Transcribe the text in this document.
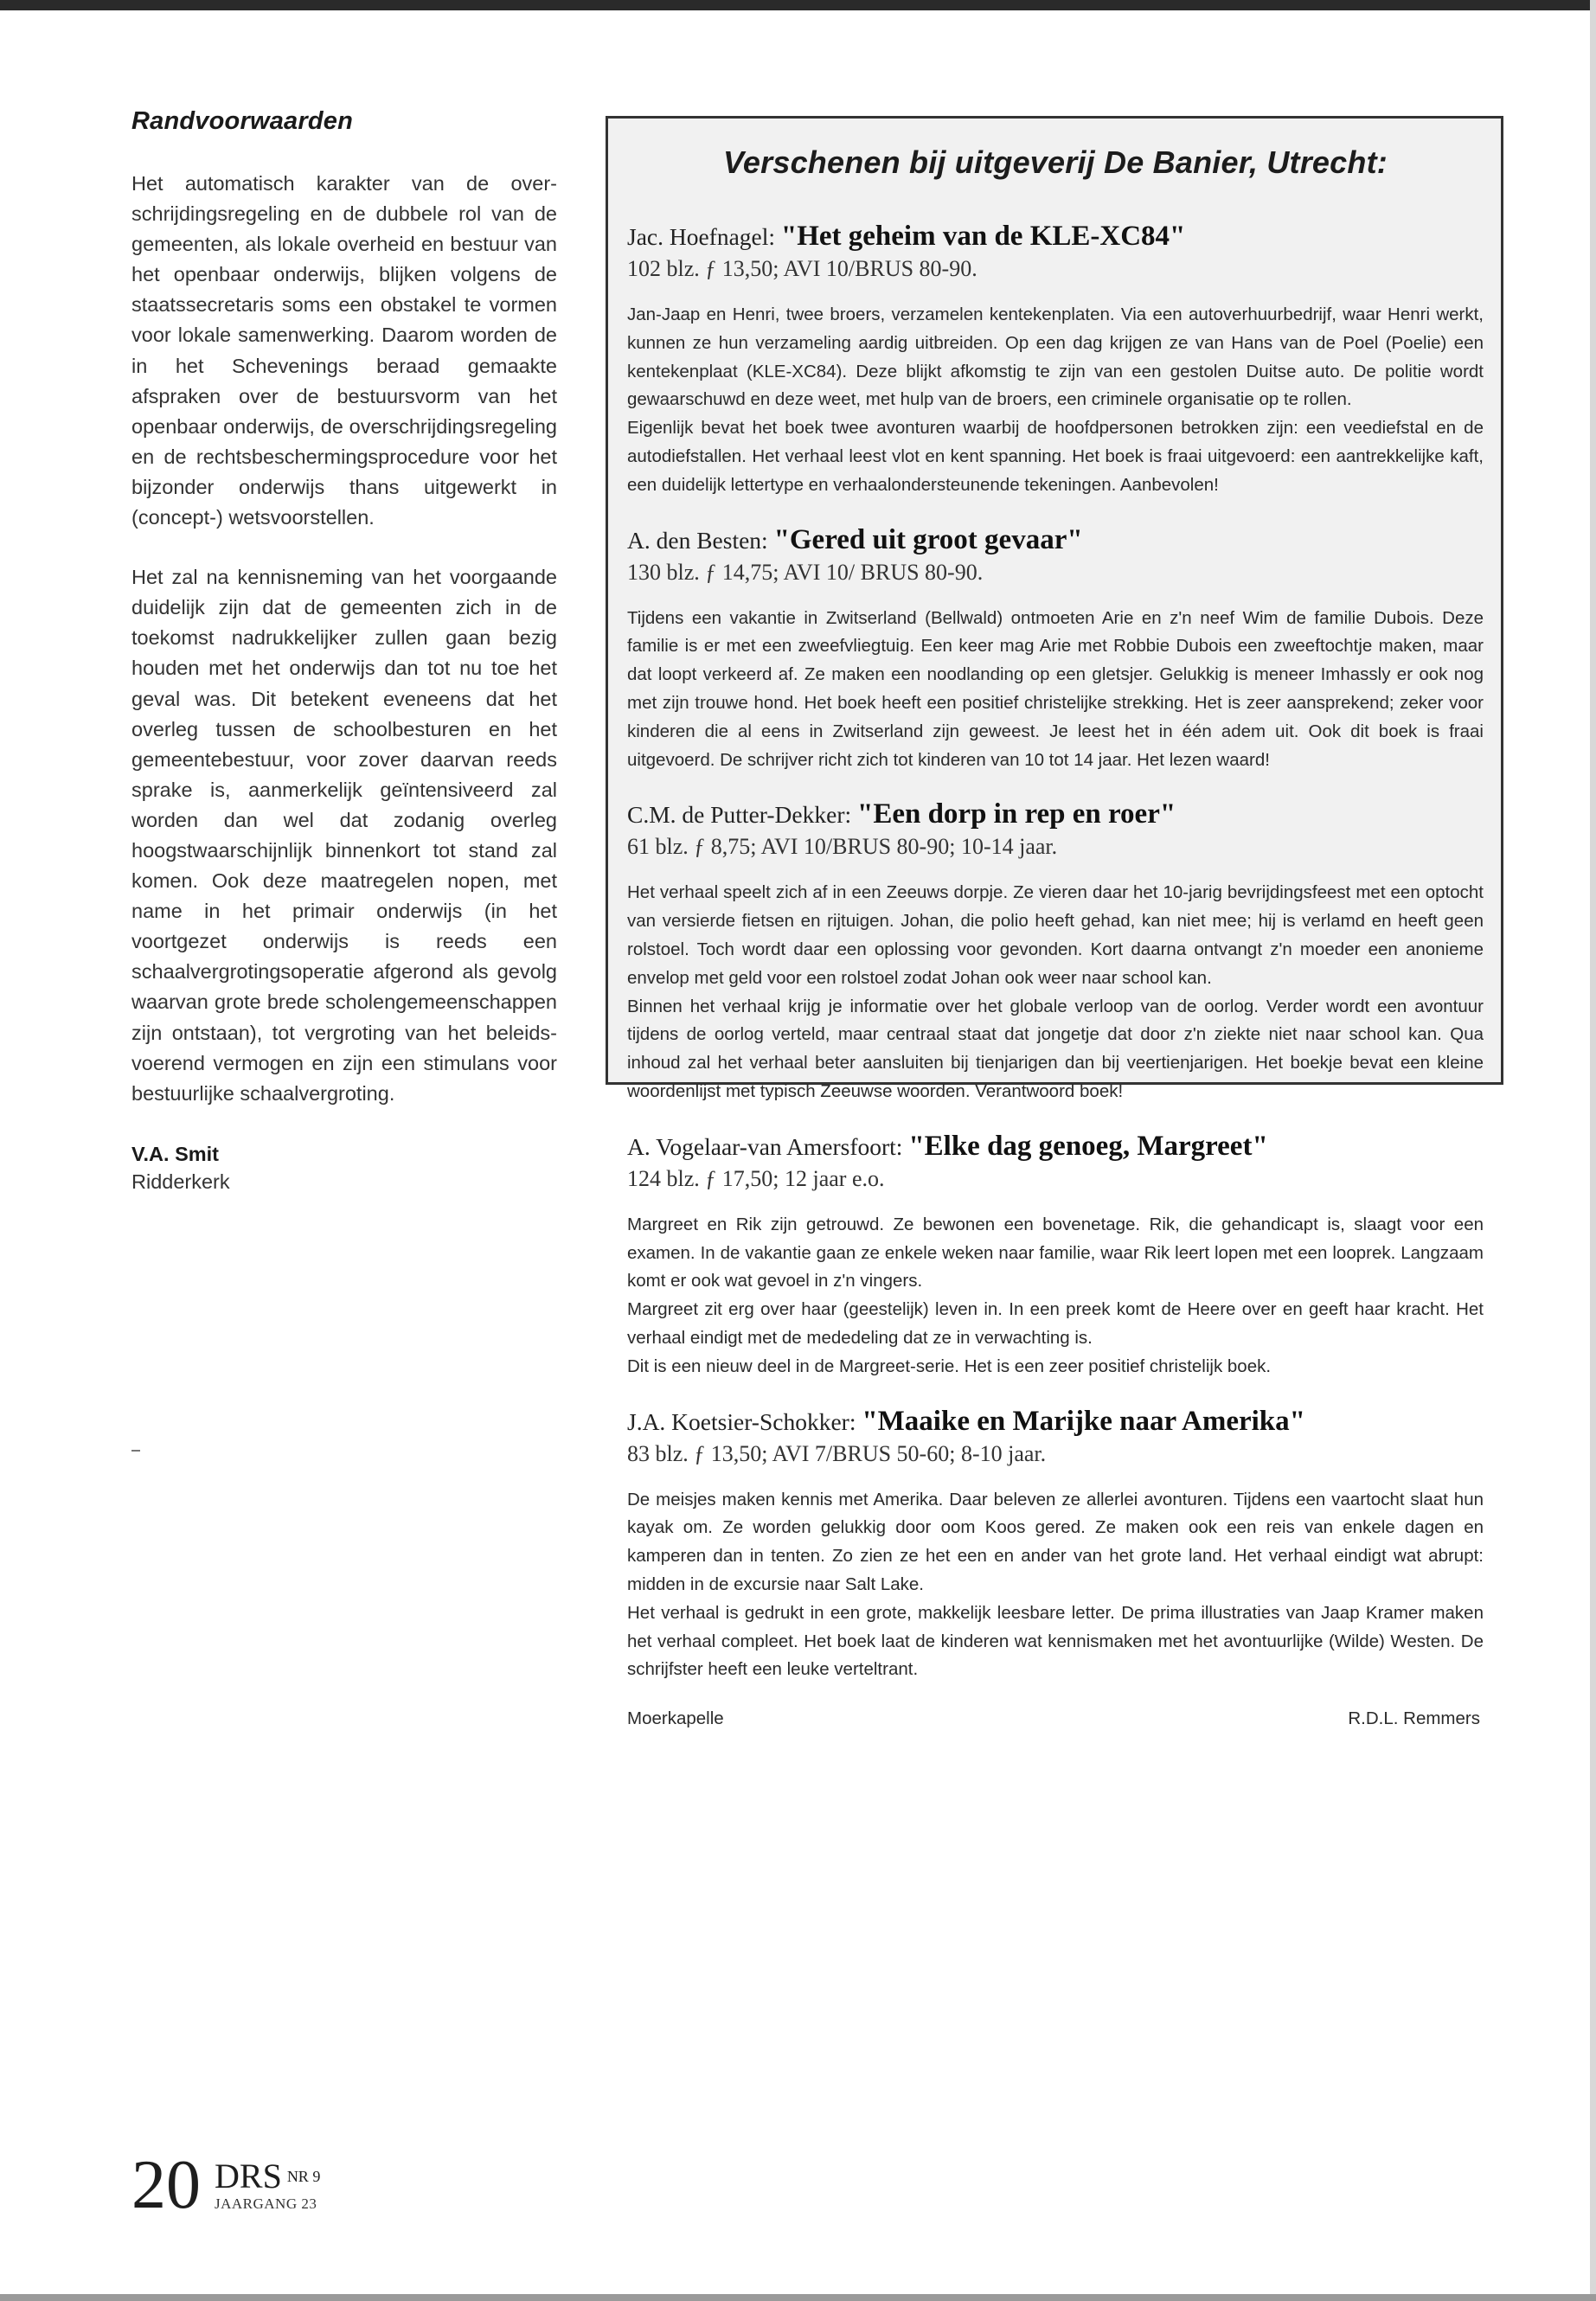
Randvoorwaarden

Het automatisch karakter van de overschrijdingsregeling en de dubbele rol van de gemeenten, als lokale overheid en bestuur van het openbaar onderwijs, blijken volgens de staatssecretaris soms een obstakel te vormen voor lokale samenwerking. Daarom worden de in het Schevenings beraad gemaakte afspraken over de bestuursvorm van het openbaar onderwijs, de overschrijdingsregeling en de rechtsbeschermingsprocedure voor het bijzonder onderwijs thans uitgewerkt in (concept-) wetsvoorstellen.

Het zal na kennisneming van het voorgaande duidelijk zijn dat de gemeenten zich in de toekomst nadrukkelijker zullen gaan bezig houden met het onderwijs dan tot nu toe het geval was. Dit betekent eveneens dat het overleg tussen de schoolbesturen en het gemeentebestuur, voor zover daarvan reeds sprake is, aanmerkelijk geïntensiveerd zal worden dan wel dat zodanig overleg hoogstwaarschijnlijk binnenkort tot stand zal komen. Ook deze maatregelen nopen, met name in het primair onderwijs (in het voortgezet onderwijs is reeds een schaalvergrotingsoperatie afgerond als gevolg waarvan grote brede scholengemeenschappen zijn ontstaan), tot vergroting van het beleidsvoerend vermogen en zijn een stimulans voor bestuurlijke schaalvergroting.

V.A. Smit
Ridderkerk
Verschenen bij uitgeverij De Banier, Utrecht:
Jac. Hoefnagel: "Het geheim van de KLE-XC84"
102 blz. ƒ 13,50; AVI 10/BRUS 80-90.

Jan-Jaap en Henri, twee broers, verzamelen kentekenplaten. Via een autoverhuurbedrijf, waar Henri werkt, kunnen ze hun verzameling aardig uitbreiden. Op een dag krijgen ze van Hans van de Poel (Poelie) een kentekenplaat (KLE-XC84). Deze blijkt afkomstig te zijn van een gestolen Duitse auto. De politie wordt gewaarschuwd en deze weet, met hulp van de broers, een criminele organisatie op te rollen.

Eigenlijk bevat het boek twee avonturen waarbij de hoofdpersonen betrokken zijn: een veediefstal en de autodiefstallen. Het verhaal leest vlot en kent spanning. Het boek is fraai uitgevoerd: een aantrekkelijke kaft, een duidelijk lettertype en verhaalondersteunende tekeningen. Aanbevolen!

A. den Besten: "Gered uit groot gevaar"
130 blz. ƒ 14,75; AVI 10/ BRUS 80-90.

Tijdens een vakantie in Zwitserland (Bellwald) ontmoeten Arie en z'n neef Wim de familie Dubois. Deze familie is er met een zweefvliegtuig. Een keer mag Arie met Robbie Dubois een zweeftochtje maken, maar dat loopt verkeerd af. Ze maken een noodlanding op een gletsjer. Gelukkig is meneer Imhassly er ook nog met zijn trouwe hond. Het boek heeft een positief christelijke strekking. Het is zeer aansprekend; zeker voor kinderen die al eens in Zwitserland zijn geweest. Je leest het in één adem uit. Ook dit boek is fraai uitgevoerd. De schrijver richt zich tot kinderen van 10 tot 14 jaar. Het lezen waard!

C.M. de Putter-Dekker: "Een dorp in rep en roer"
61 blz. ƒ 8,75; AVI 10/BRUS 80-90; 10-14 jaar.

Het verhaal speelt zich af in een Zeeuws dorpje. Ze vieren daar het 10-jarig bevrijdingsfeest met een optocht van versierde fietsen en rijtuigen. Johan, die polio heeft gehad, kan niet mee; hij is verlamd en heeft geen rolstoel. Toch wordt daar een oplossing voor gevonden. Kort daarna ontvangt z'n moeder een anonieme envelop met geld voor een rolstoel zodat Johan ook weer naar school kan.

Binnen het verhaal krijg je informatie over het globale verloop van de oorlog. Verder wordt een avontuur tijdens de oorlog verteld, maar centraal staat dat jongetje dat door z'n ziekte niet naar school kan. Qua inhoud zal het verhaal beter aansluiten bij tienjarigen dan bij veertienjarigen. Het boekje bevat een kleine woordenlijst met typisch Zeeuwse woorden. Verantwoord boek!

A. Vogelaar-van Amersfoort: "Elke dag genoeg, Margreet"
124 blz. ƒ 17,50; 12 jaar e.o.

Margreet en Rik zijn getrouwd. Ze bewonen een bovenetage. Rik, die gehandicapt is, slaagt voor een examen. In de vakantie gaan ze enkele weken naar familie, waar Rik leert lopen met een looprek. Langzaam komt er ook wat gevoel in z'n vingers.

Margreet zit erg over haar (geestelijk) leven in. In een preek komt de Heere over en geeft haar kracht. Het verhaal eindigt met de mededeling dat ze in verwachting is.

Dit is een nieuw deel in de Margreet-serie. Het is een zeer positief christelijk boek.

J.A. Koetsier-Schokker: "Maaike en Marijke naar Amerika"
83 blz. ƒ 13,50; AVI 7/BRUS 50-60; 8-10 jaar.

De meisjes maken kennis met Amerika. Daar beleven ze allerlei avonturen. Tijdens een vaartocht slaat hun kayak om. Ze worden gelukkig door oom Koos gered. Ze maken ook een reis van enkele dagen en kamperen dan in tenten. Zo zien ze het een en ander van het grote land. Het verhaal eindigt wat abrupt: midden in de excursie naar Salt Lake.

Het verhaal is gedrukt in een grote, makkelijk leesbare letter. De prima illustraties van Jaap Kramer maken het verhaal compleet. Het boek laat de kinderen wat kennismaken met het avontuurlijke (Wilde) Westen. De schrijfster heeft een leuke verteltrant.

Moerkapelle	R.D.L. Remmers
20 DRS $^{NR 9}$
JAARGANG 23
